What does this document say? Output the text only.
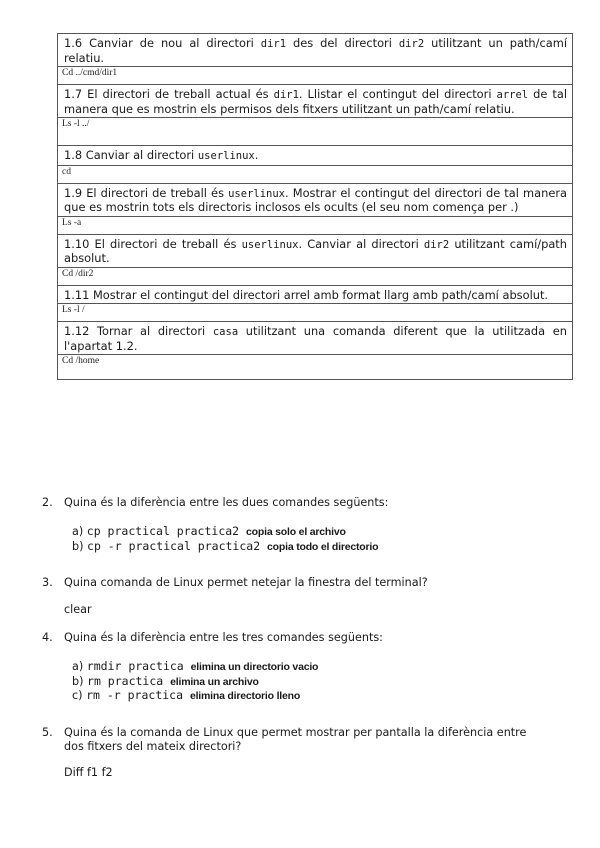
1.6 Canviar de nou al directori dir1 des del directori dir2 utilitzant un path/camí relatiu.
Cd ../cmd/dir1
1.7 El directori de treball actual és dir1. Llistar el contingut del directori arrel de tal manera que es mostrin els permisos dels fitxers utilitzant un path/camí relatiu.
Ls -l ../
1.8 Canviar al directori userlinux.
cd
1.9 El directori de treball és userlinux. Mostrar el contingut del directori de tal manera que es mostrin tots els directoris inclosos els ocults (el seu nom comença per .)
Ls -a
1.10 El directori de treball és userlinux. Canviar al directori dir2 utilitzant camí/path absolut.
Cd /dir2
1.11 Mostrar el contingut del directori arrel amb format llarg amb path/camí absolut.
Ls -l /
1.12 Tornar al directori casa utilitzant una comanda diferent que la utilitzada en l'apartat 1.2.
Cd /home
2. Quina és la diferència entre les dues comandes següents:
a) cp practical practica2 copia solo el archivo
b) cp -r practical practica2 copia todo el directorio
3. Quina comanda de Linux permet netejar la finestra del terminal?
clear
4. Quina és la diferència entre les tres comandes següents:
a) rmdir practica elimina un directorio vacio
b) rm practica elimina un archivo
c) rm -r practica elimina directorio lleno
5.	Quina és la comanda de Linux que permet mostrar per pantalla la diferència entre dos fitxers del mateix directori?
Diff f1 f2
